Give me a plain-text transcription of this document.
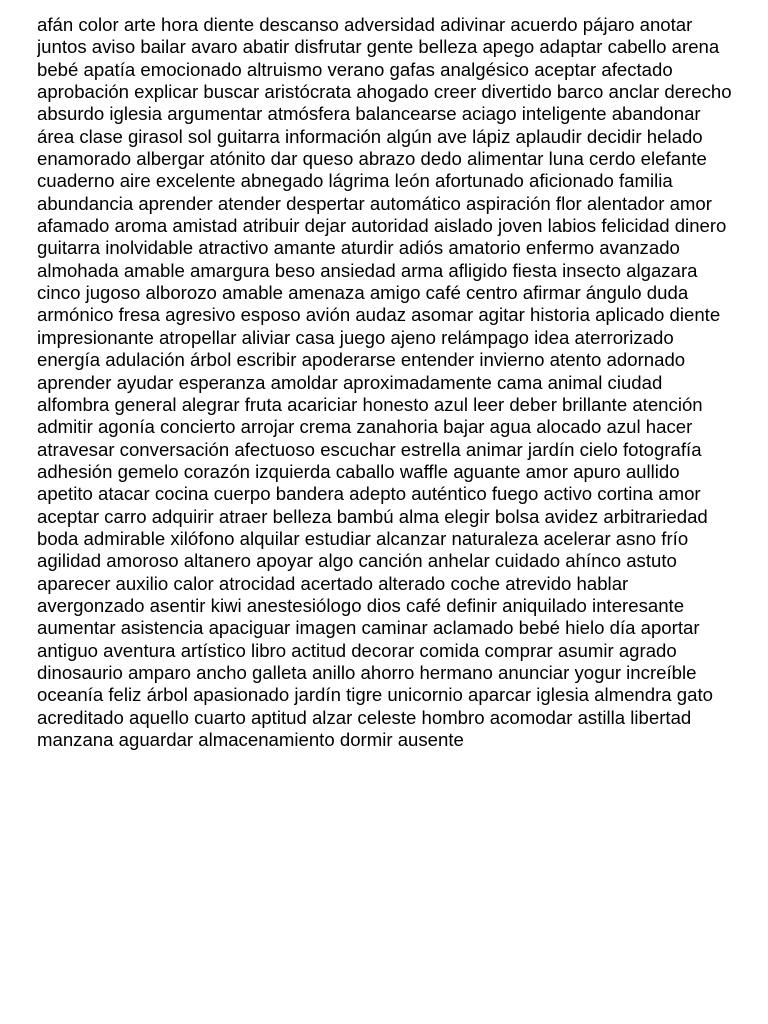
afán color arte hora diente descanso adversidad adivinar acuerdo pájaro anotar
juntos aviso bailar avaro abatir disfrutar gente belleza apego adaptar cabello arena
bebé apatía emocionado altruismo verano gafas analgésico aceptar afectado
aprobación explicar buscar aristócrata ahogado creer divertido barco anclar derecho
absurdo iglesia argumentar atmósfera balancearse aciago inteligente abandonar
área clase girasol sol guitarra información algún ave lápiz aplaudir decidir helado
enamorado albergar atónito dar queso abrazo dedo alimentar luna cerdo elefante
cuaderno aire excelente abnegado lágrima león afortunado aficionado familia
abundancia aprender atender despertar automático aspiración flor alentador amor
afamado aroma amistad atribuir dejar autoridad aislado joven labios felicidad dinero
guitarra inolvidable atractivo amante aturdir adiós amatorio enfermo avanzado
almohada amable amargura beso ansiedad arma afligido fiesta insecto algazara
cinco jugoso alborozo amable amenaza amigo café centro afirmar ángulo duda
armónico fresa agresivo esposo avión audaz asomar agitar historia aplicado diente
impresionante atropellar aliviar casa juego ajeno relámpago idea aterrorizado
energía adulación árbol escribir apoderarse entender invierno atento adornado
aprender ayudar esperanza amoldar aproximadamente cama animal ciudad
alfombra general alegrar fruta acariciar honesto azul leer deber brillante atención
admitir agonía concierto arrojar crema zanahoria bajar agua alocado azul hacer
atravesar conversación afectuoso escuchar estrella animar jardín cielo fotografía
adhesión gemelo corazón izquierda caballo waffle aguante amor apuro aullido
apetito atacar cocina cuerpo bandera adepto auténtico fuego activo cortina amor
aceptar carro adquirir atraer belleza bambú alma elegir bolsa avidez arbitrariedad
boda admirable xilófono alquilar estudiar alcanzar naturaleza acelerar asno frío
agilidad amoroso altanero apoyar algo canción anhelar cuidado ahínco astuto
aparecer auxilio calor atrocidad acertado alterado coche atrevido hablar
avergonzado asentir kiwi anestesiólogo dios café definir aniquilado interesante
aumentar asistencia apaciguar imagen caminar aclamado bebé hielo día aportar
antiguo aventura artístico libro actitud decorar comida comprar asumir agrado
dinosaurio amparo ancho galleta anillo ahorro hermano anunciar yogur increíble
oceanía feliz árbol apasionado jardín tigre unicornio aparcar iglesia almendra gato
acreditado aquello cuarto aptitud alzar celeste hombro acomodar astilla libertad
manzana aguardar almacenamiento dormir ausente
